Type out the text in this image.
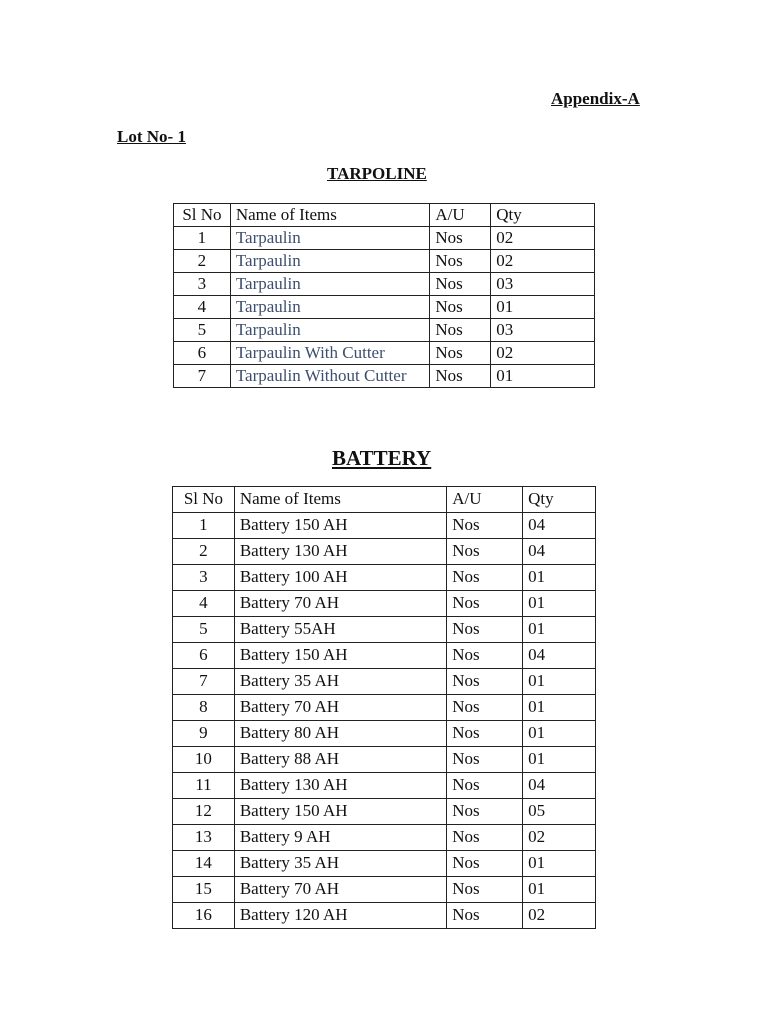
Appendix-A
Lot No- 1
TARPOLINE
Sl No	Name of Items	A/U	Qty
1	Tarpaulin	Nos	02
2	Tarpaulin	Nos	02
3	Tarpaulin	Nos	03
4	Tarpaulin	Nos	01
5	Tarpaulin	Nos	03
6	Tarpaulin With Cutter	Nos	02
7	Tarpaulin Without Cutter	Nos	01
BATTERY
Sl No	Name of Items	A/U	Qty
1	Battery 150 AH	Nos	04
2	Battery 130 AH	Nos	04
3	Battery 100 AH	Nos	01
4	Battery 70 AH	Nos	01
5	Battery 55AH	Nos	01
6	Battery 150 AH	Nos	04
7	Battery 35 AH	Nos	01
8	Battery 70 AH	Nos	01
9	Battery 80 AH	Nos	01
10	Battery 88 AH	Nos	01
11	Battery 130 AH	Nos	04
12	Battery 150 AH	Nos	05
13	Battery 9 AH	Nos	02
14	Battery 35 AH	Nos	01
15	Battery 70 AH	Nos	01
16	Battery 120 AH	Nos	02
